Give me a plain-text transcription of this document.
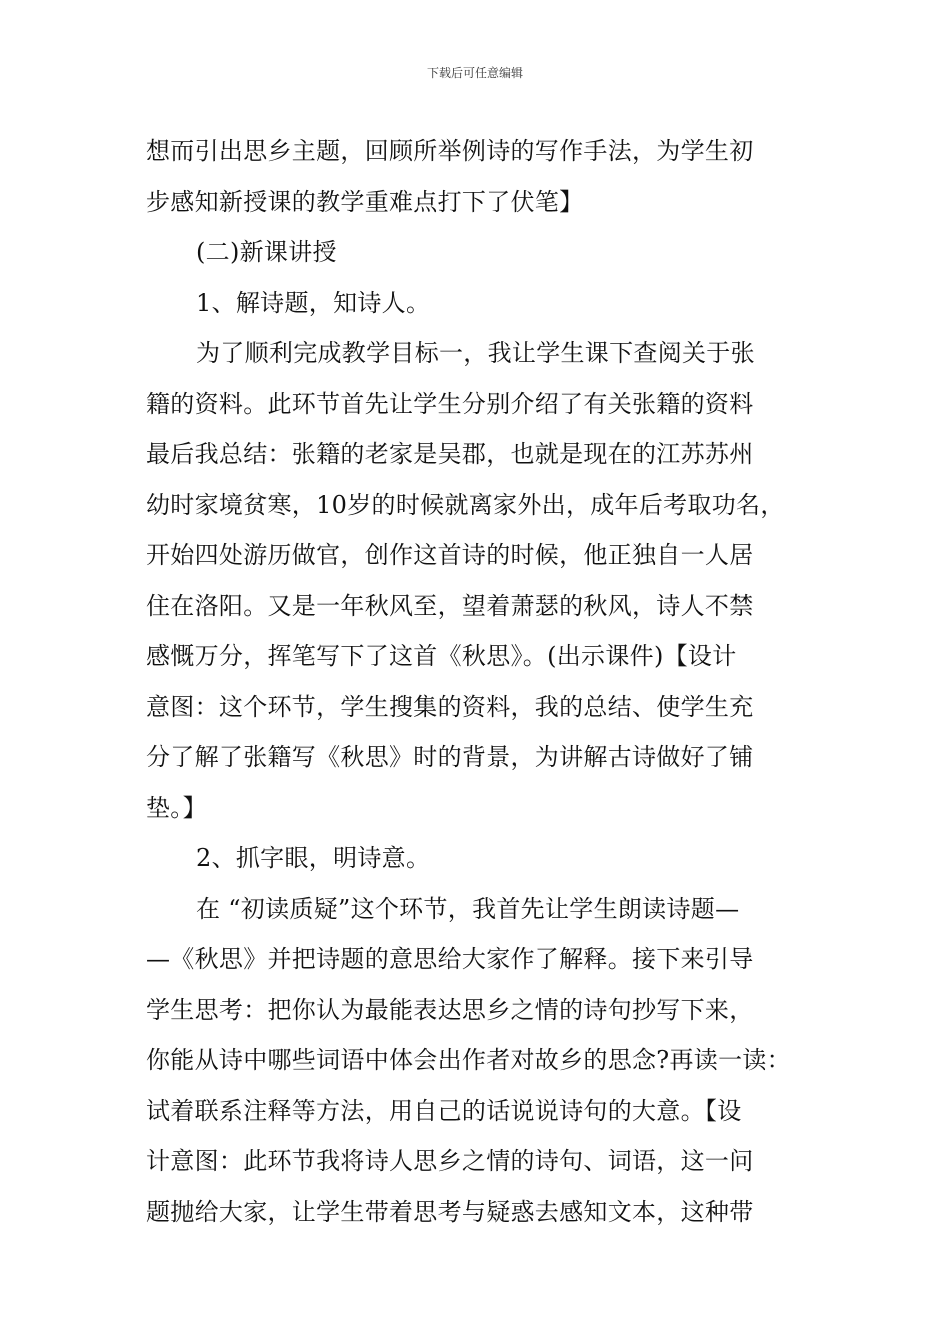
下载后可任意编辑
想而引出思乡主题，回顾所举例诗的写作手法，为学生初
步感知新授课的教学重难点打下了伏笔】
(二)新课讲授
1、解诗题，知诗人。
为了顺利完成教学目标一，我让学生课下查阅关于张
籍的资料。此环节首先让学生分别介绍了有关张籍的资料
最后我总结：张籍的老家是吴郡，也就是现在的江苏苏州
幼时家境贫寒，10岁的时候就离家外出，成年后考取功名，
开始四处游历做官，创作这首诗的时候，他正独自一人居
住在洛阳。又是一年秋风至，望着萧瑟的秋风，诗人不禁
感慨万分，挥笔写下了这首《秋思》。(出示课件)【设计
意图：这个环节，学生搜集的资料，我的总结、使学生充
分了解了张籍写《秋思》时的背景，为讲解古诗做好了铺
垫。】
2、抓字眼，明诗意。
在 “初读质疑”这个环节，我首先让学生朗读诗题—
—《秋思》并把诗题的意思给大家作了解释。接下来引导
学生思考：把你认为最能表达思乡之情的诗句抄写下来，
你能从诗中哪些词语中体会出作者对故乡的思念?再读一读：
试着联系注释等方法，用自己的话说说诗句的大意。【设
计意图：此环节我将诗人思乡之情的诗句、词语，这一问
题抛给大家，让学生带着思考与疑惑去感知文本，这种带
